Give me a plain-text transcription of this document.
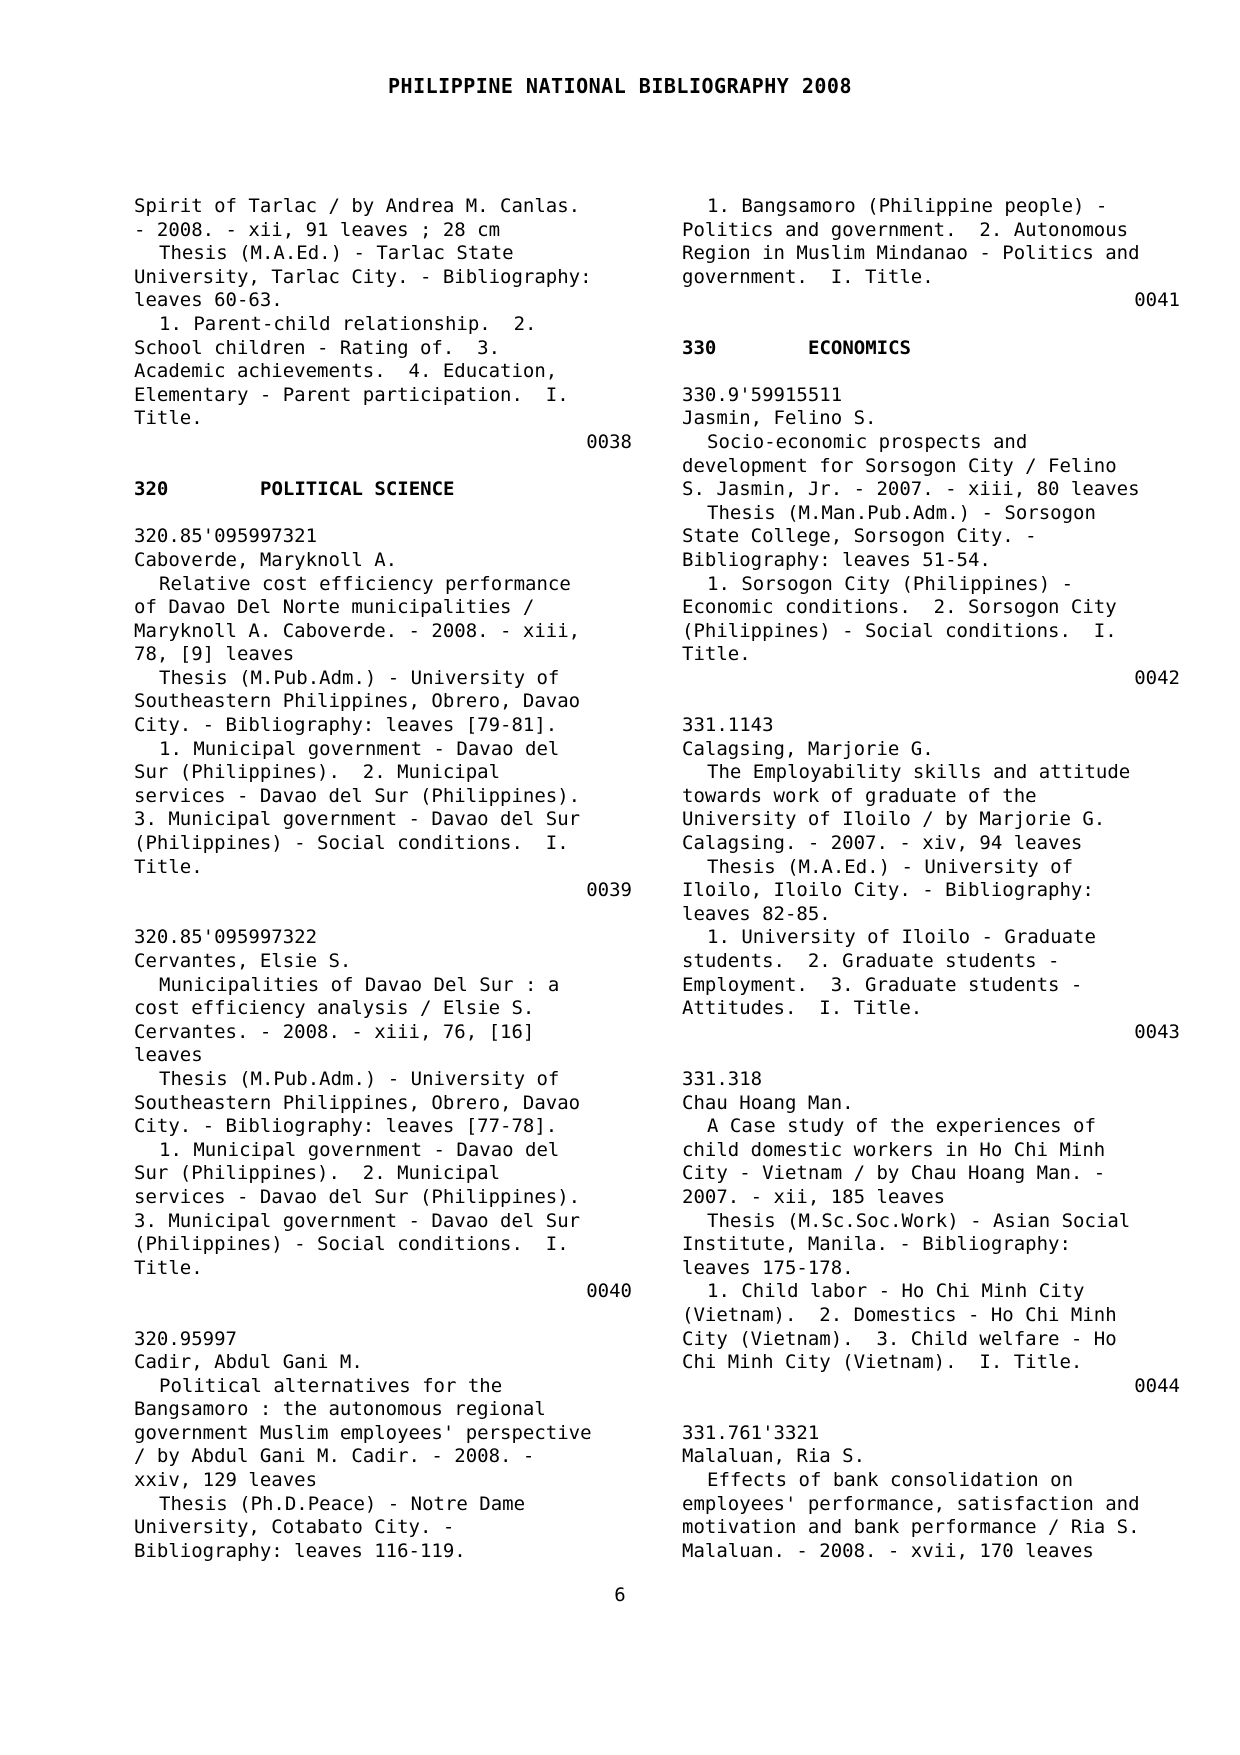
PHILIPPINE NATIONAL BIBLIOGRAPHY 2008
Spirit of Tarlac / by Andrea M. Canlas.
- 2008. - xii, 91 leaves ; 28 cm
Thesis (M.A.Ed.) - Tarlac State
University, Tarlac City. - Bibliography:
leaves 60-63.
1. Parent-child relationship.  2.
School children - Rating of.  3.
Academic achievements.  4. Education,
Elementary - Parent participation.  I.
Title.
0038
320	POLITICAL SCIENCE
320.85'095997321
Caboverde, Maryknoll A.
Relative cost efficiency performance
of Davao Del Norte municipalities /
Maryknoll A. Caboverde. - 2008. - xiii,
78, [9] leaves
Thesis (M.Pub.Adm.) - University of
Southeastern Philippines, Obrero, Davao
City. - Bibliography: leaves [79-81].
1. Municipal government - Davao del
Sur (Philippines).  2. Municipal
services - Davao del Sur (Philippines).
3. Municipal government - Davao del Sur
(Philippines) - Social conditions.  I.
Title.
0039
320.85'095997322
Cervantes, Elsie S.
Municipalities of Davao Del Sur : a
cost efficiency analysis / Elsie S.
Cervantes. - 2008. - xiii, 76, [16]
leaves
Thesis (M.Pub.Adm.) - University of
Southeastern Philippines, Obrero, Davao
City. - Bibliography: leaves [77-78].
1. Municipal government - Davao del
Sur (Philippines).  2. Municipal
services - Davao del Sur (Philippines).
3. Municipal government - Davao del Sur
(Philippines) - Social conditions.  I.
Title.
0040
320.95997
Cadir, Abdul Gani M.
Political alternatives for the
Bangsamoro : the autonomous regional
government Muslim employees' perspective
/ by Abdul Gani M. Cadir. - 2008. -
xxiv, 129 leaves
Thesis (Ph.D.Peace) - Notre Dame
University, Cotabato City. -
Bibliography: leaves 116-119.
1. Bangsamoro (Philippine people) -
Politics and government.  2. Autonomous
Region in Muslim Mindanao - Politics and
government.  I. Title.
0041
330	ECONOMICS
330.9'59915511
Jasmin, Felino S.
Socio-economic prospects and
development for Sorsogon City / Felino
S. Jasmin, Jr. - 2007. - xiii, 80 leaves
Thesis (M.Man.Pub.Adm.) - Sorsogon
State College, Sorsogon City. -
Bibliography: leaves 51-54.
1. Sorsogon City (Philippines) -
Economic conditions.  2. Sorsogon City
(Philippines) - Social conditions.  I.
Title.
0042
331.1143
Calagsing, Marjorie G.
The Employability skills and attitude
towards work of graduate of the
University of Iloilo / by Marjorie G.
Calagsing. - 2007. - xiv, 94 leaves
Thesis (M.A.Ed.) - University of
Iloilo, Iloilo City. - Bibliography:
leaves 82-85.
1. University of Iloilo - Graduate
students.  2. Graduate students -
Employment.  3. Graduate students -
Attitudes.  I. Title.
0043
331.318
Chau Hoang Man.
A Case study of the experiences of
child domestic workers in Ho Chi Minh
City - Vietnam / by Chau Hoang Man. -
2007. - xii, 185 leaves
Thesis (M.Sc.Soc.Work) - Asian Social
Institute, Manila. - Bibliography:
leaves 175-178.
1. Child labor - Ho Chi Minh City
(Vietnam).  2. Domestics - Ho Chi Minh
City (Vietnam).  3. Child welfare - Ho
Chi Minh City (Vietnam).  I. Title.
0044
331.761'3321
Malaluan, Ria S.
Effects of bank consolidation on
employees' performance, satisfaction and
motivation and bank performance / Ria S.
Malaluan. - 2008. - xvii, 170 leaves
6
